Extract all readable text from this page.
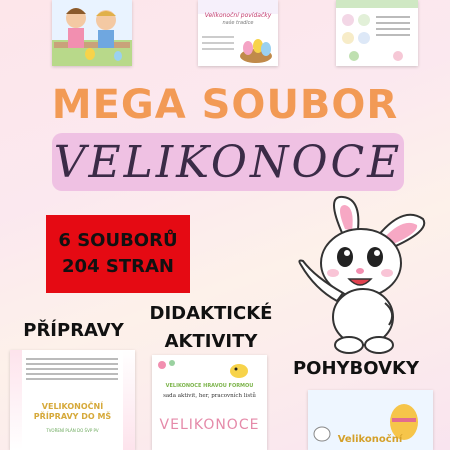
Velikonoční povídačky
naše tradice
MEGA SOUBOR
VELIKONOCE
6 SOUBORŮ
204 STRAN
PŘÍPRAVY
DIDAKTICKÉ
AKTIVITY
POHYBOVKY
VELIKONOČNÍ PŘÍPRAVY DO MŠ
TVOŘENÍ PLÁN DO ŠVP PV
VELIKONOCE HRAVOU FORMOU
sada aktivit, her, pracovních listů
VELIKONOCE
Velikonoční
